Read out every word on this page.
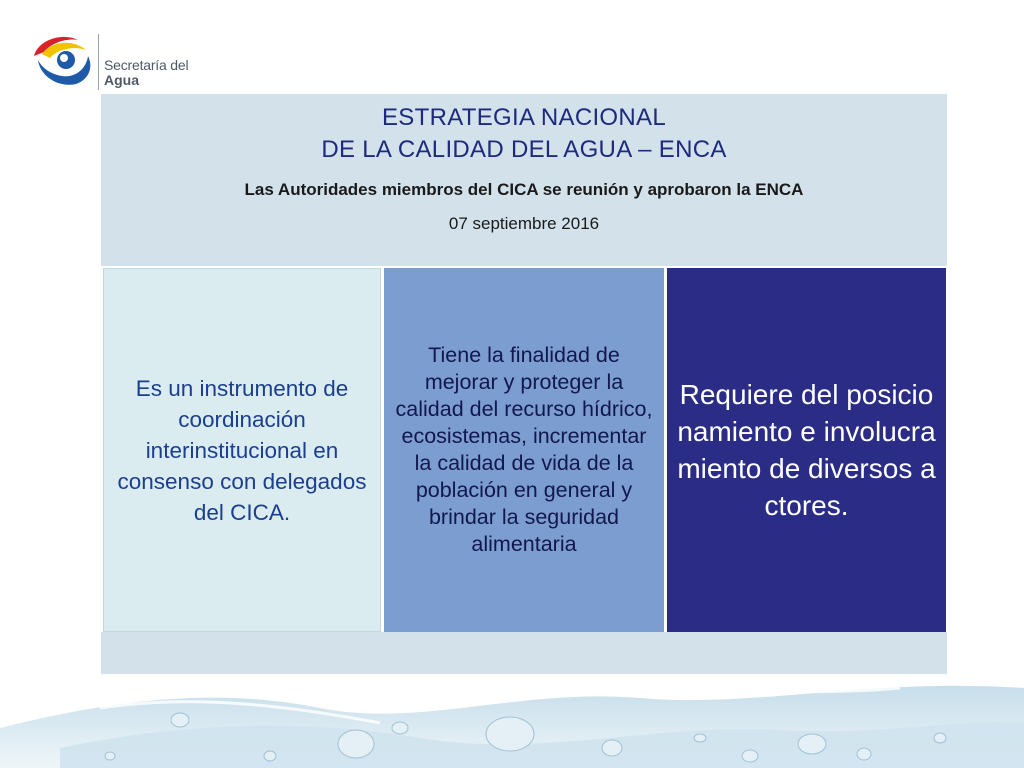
Secretaría del
Agua
ESTRATEGIA NACIONAL
DE LA CALIDAD DEL AGUA – ENCA
Las Autoridades miembros del CICA se reunión y aprobaron la ENCA
07 septiembre 2016
Es un instrumento de coordinación interinstitucional en consenso con delegados del CICA.
Tiene la finalidad de mejorar y proteger la calidad del recurso hídrico, ecosistemas, incrementar la calidad de vida de la población en general y brindar la seguridad alimentaria
Requiere del posicionamiento e involucramiento de diversos actores.
